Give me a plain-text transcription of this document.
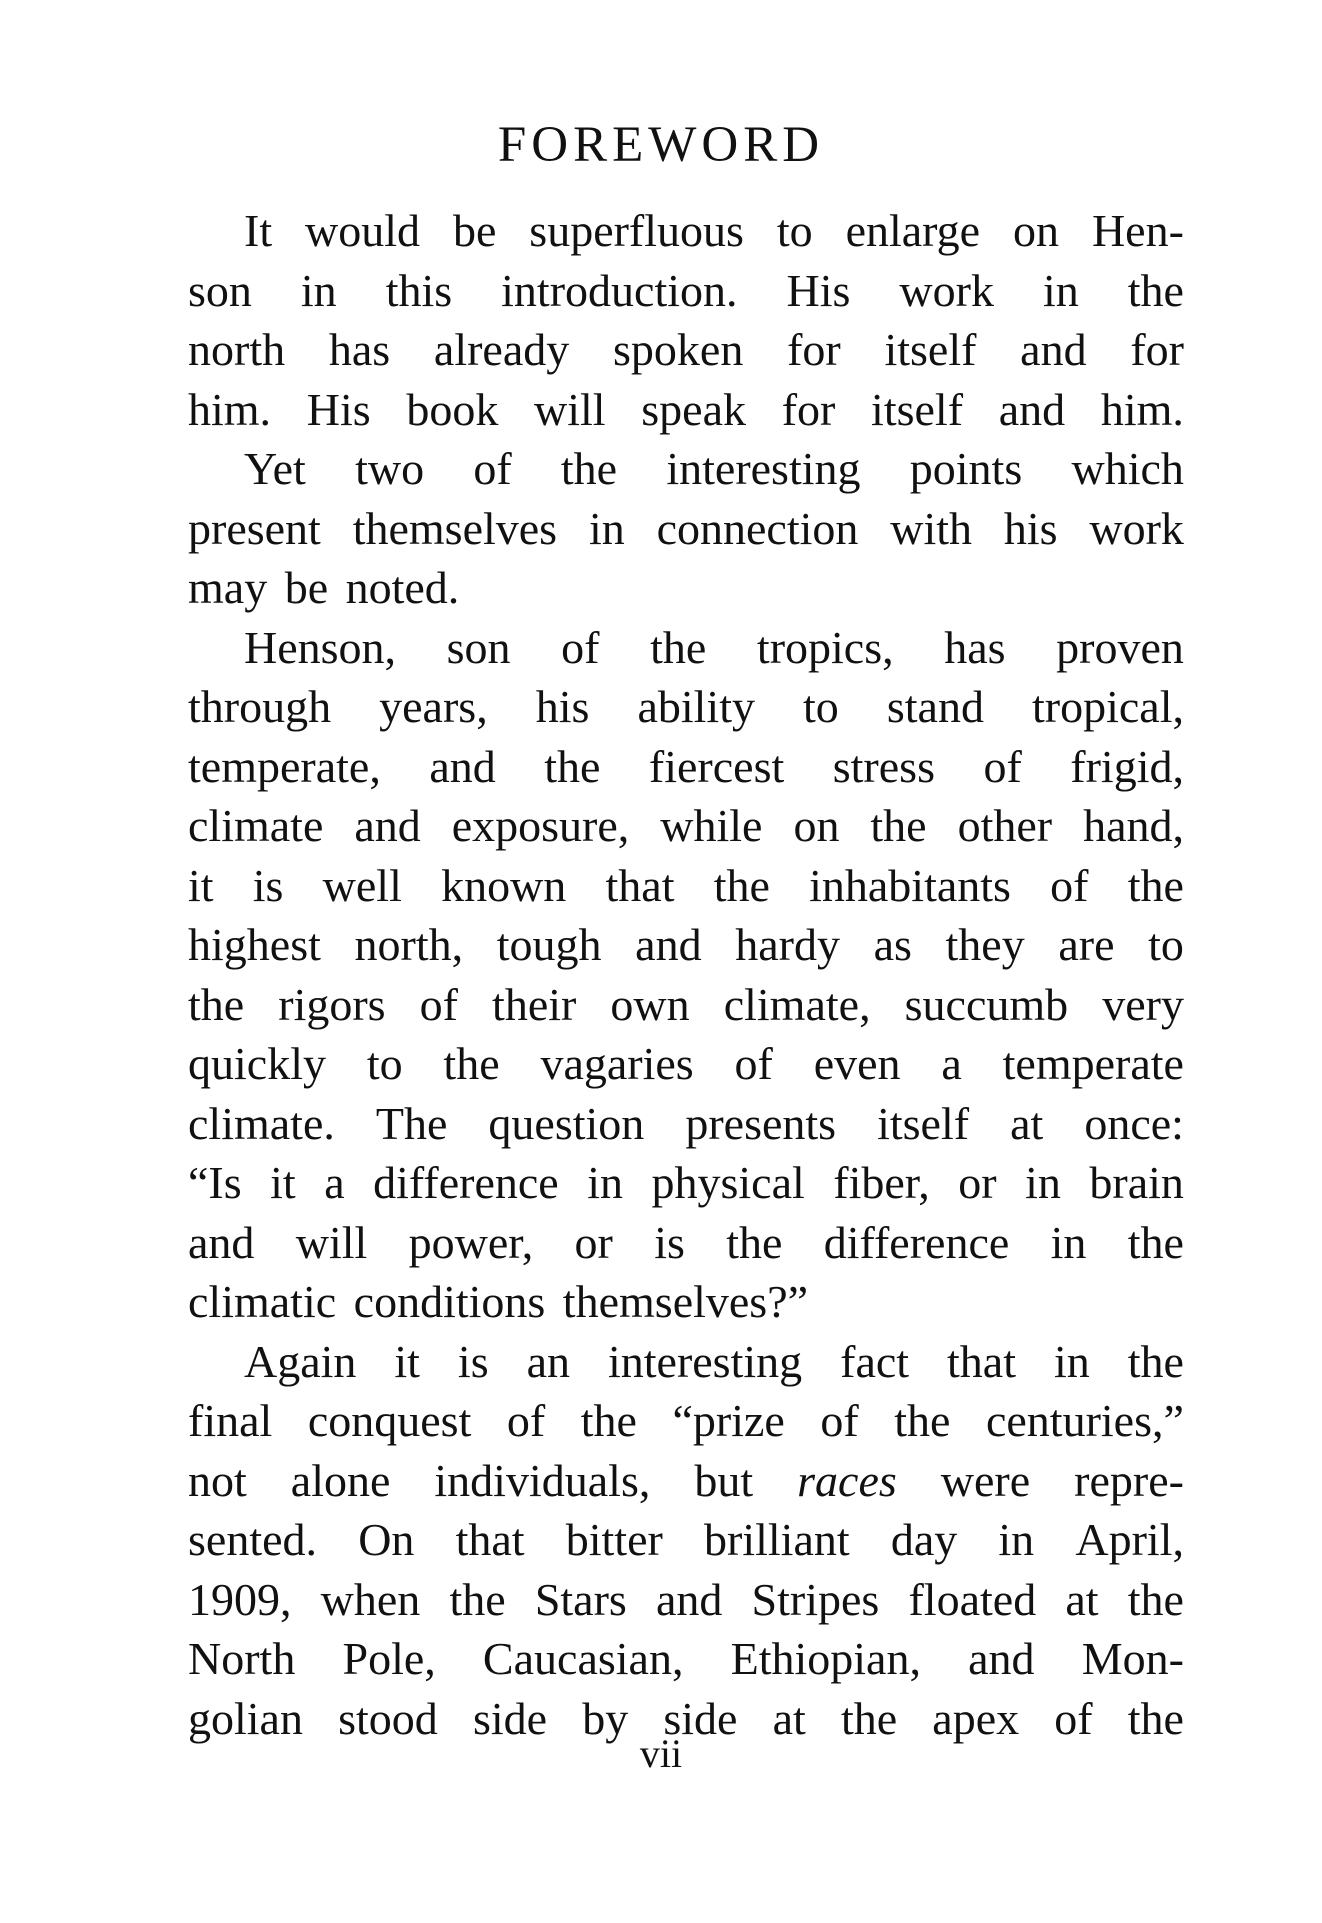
FOREWORD
It would be superfluous to enlarge on Hen-
son in this introduction. His work in the
north has already spoken for itself and for
him. His book will speak for itself and him.
Yet two of the interesting points which
present themselves in connection with his work
may be noted.
Henson, son of the tropics, has proven
through years, his ability to stand tropical,
temperate, and the fiercest stress of frigid,
climate and exposure, while on the other hand,
it is well known that the inhabitants of the
highest north, tough and hardy as they are to
the rigors of their own climate, succumb very
quickly to the vagaries of even a temperate
climate. The question presents itself at once:
“Is it a difference in physical fiber, or in brain
and will power, or is the difference in the
climatic conditions themselves?”
Again it is an interesting fact that in the
final conquest of the “prize of the centuries,”
not alone individuals, but races were repre-
sented. On that bitter brilliant day in April,
1909, when the Stars and Stripes floated at the
North Pole, Caucasian, Ethiopian, and Mon-
golian stood side by side at the apex of the
vii
